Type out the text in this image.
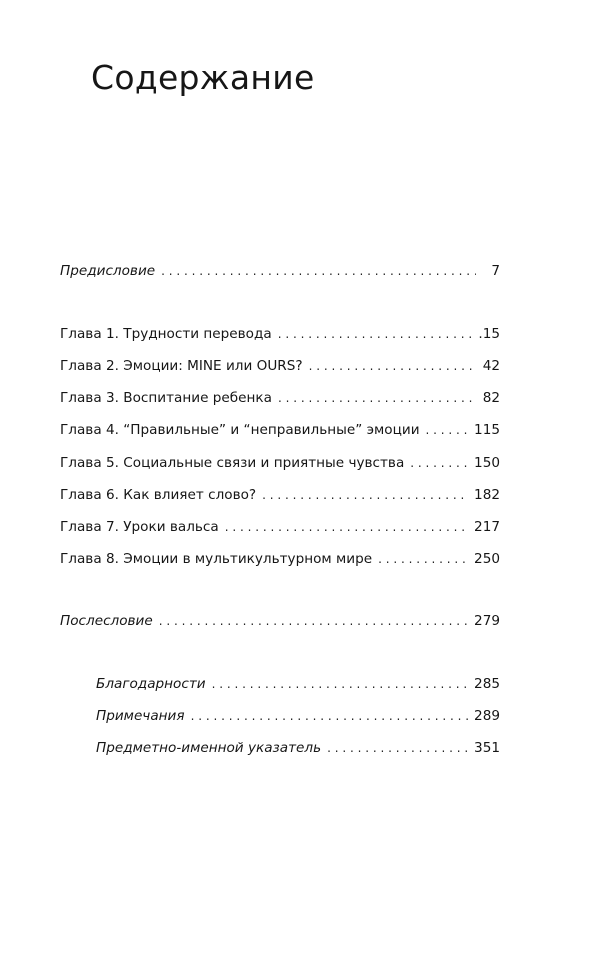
Содержание
Предисловие . . .	7
Глава 1. Трудности перевода . . .	.15
Глава 2. Эмоции: MINE или OURS? . . .	42
Глава 3. Воспитание ребенка . . .	82
Глава 4. “Правильные” и “неправильные” эмоции . . .	115
Глава 5. Социальные связи и приятные чувства . . .	150
Глава 6. Как влияет слово? . . .	182
Глава 7. Уроки вальса . . .	217
Глава 8. Эмоции в мультикультурном мире . . .	250
Послесловие . . .	279
Благодарности . . .	285
Примечания . . .	289
Предметно-именной указатель . . .	351
